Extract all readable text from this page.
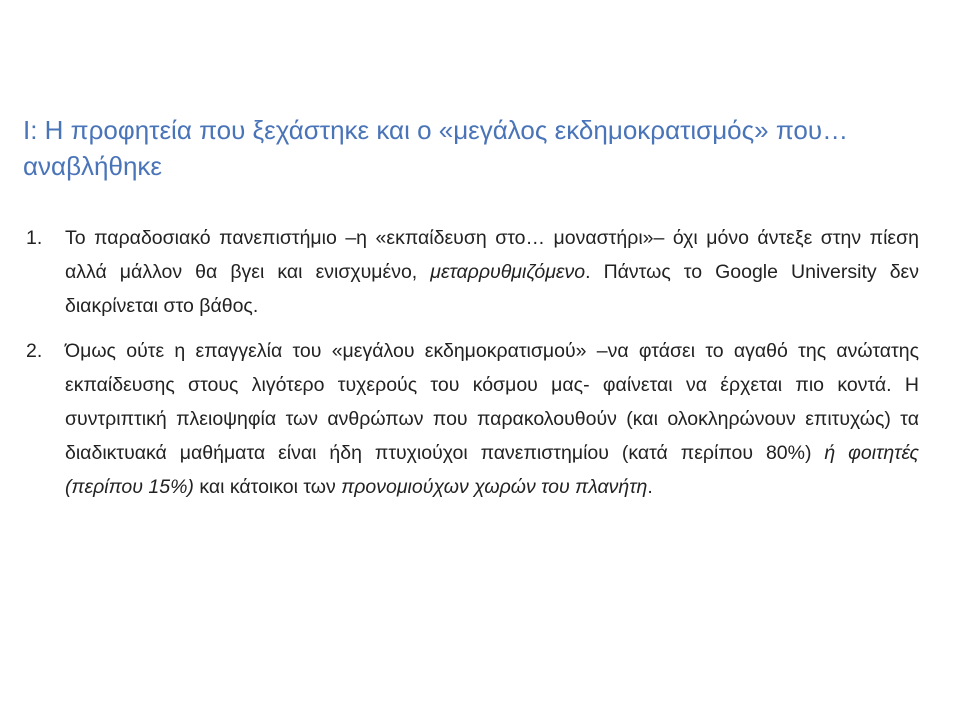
I: Η προφητεία που ξεχάστηκε και ο «μεγάλος εκδημοκρατισμός» που… αναβλήθηκε
1. Το παραδοσιακό πανεπιστήμιο –η «εκπαίδευση στο… μοναστήρι»– όχι μόνο άντεξε στην πίεση αλλά μάλλον θα βγει και ενισχυμένο, μεταρρυθμιζόμενο. Πάντως το Google University δεν διακρίνεται στο βάθος.
2. Όμως ούτε η επαγγελία του «μεγάλου εκδημοκρατισμού» –να φτάσει το αγαθό της ανώτατης εκπαίδευσης στους λιγότερο τυχερούς του κόσμου μας- φαίνεται να έρχεται πιο κοντά. Η συντριπτική πλειοψηφία των ανθρώπων που παρακολουθούν (και ολοκληρώνουν επιτυχώς) τα διαδικτυακά μαθήματα είναι ήδη πτυχιούχοι πανεπιστημίου (κατά περίπου 80%) ή φοιτητές (περίπου 15%) και κάτοικοι των προνομιούχων χωρών του πλανήτη.
